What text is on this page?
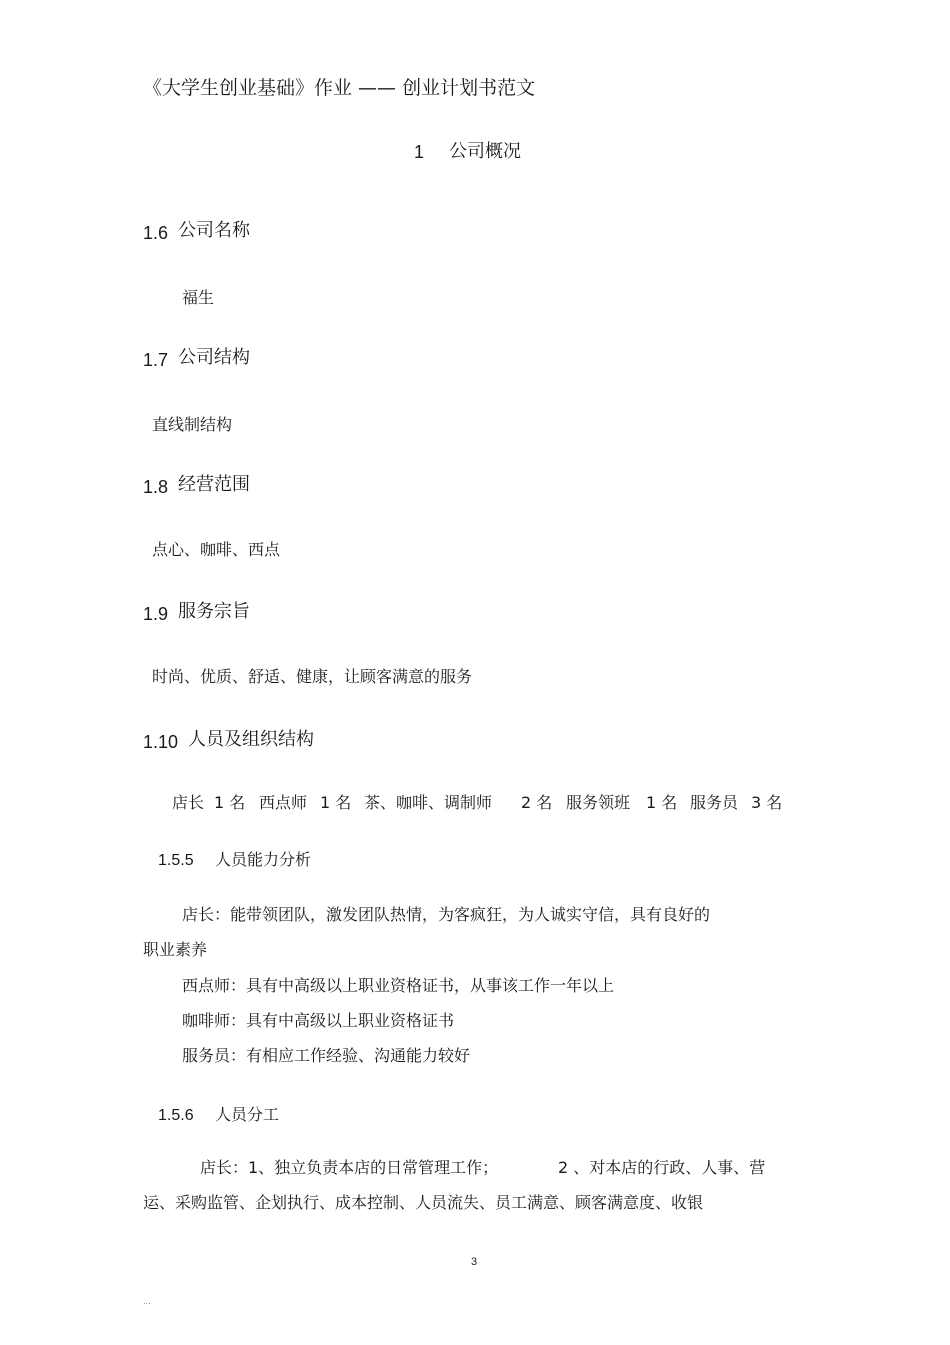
《大学生创业基础》作业 —— 创业计划书范文
1 公司概况
1.6 公司名称
福生
1.7 公司结构
直线制结构
1.8 经营范围
点心、咖啡、西点
1.9 服务宗旨
时尚、优质、舒适、健康，让顾客满意的服务
1.10 人员及组织结构
店长 1 名 西点师 1 名 茶、咖啡、调制师 2 名 服务领班 1 名 服务员 3 名
1.5.5 人员能力分析
店长：能带领团队，激发团队热情，为客疯狂，为人诚实守信，具有良好的
职业素养
西点师：具有中高级以上职业资格证书，从事该工作一年以上
咖啡师：具有中高级以上职业资格证书
服务员：有相应工作经验、沟通能力较好
1.5.6 人员分工
店长：1、独立负责本店的日常管理工作；	2 、对本店的行政、人事、营
运、采购监管、企划执行、成本控制、人员流失、员工满意、顾客满意度、收银
3
...
